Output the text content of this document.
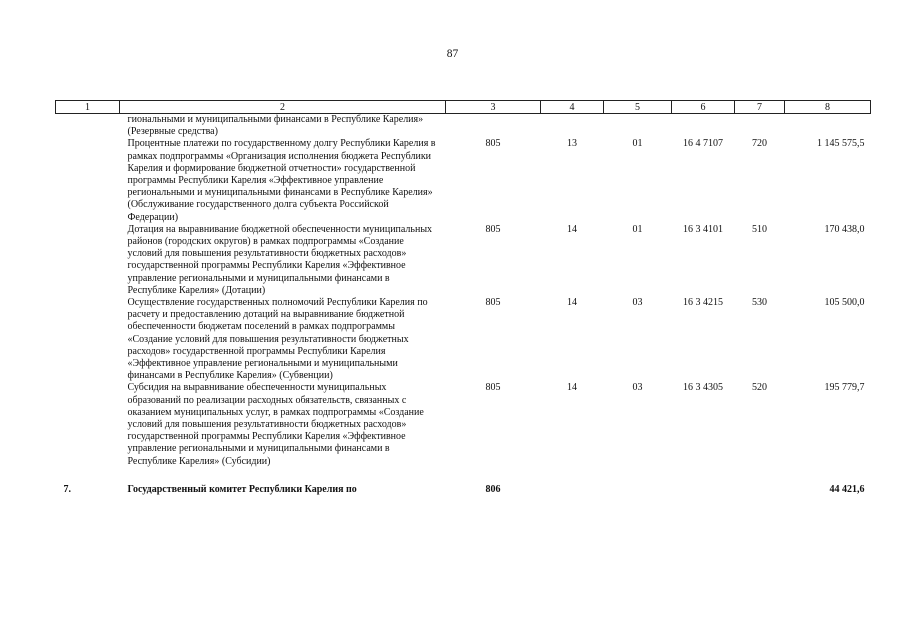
87
1	2	3	4	5	6	7	8
	гиональными и муниципальными финансами в Республике Карелия» (Резервные средства)						
	Процентные платежи по государственному долгу Республики Карелия в рамках подпрограммы «Организация исполнения бюджета Республики Карелия и формирование бюджетной отчетности» государственной программы Республики Карелия «Эффективное управление региональными и муниципальными финансами в Республике Карелия» (Обслуживание государственного долга субъекта Российской Федерации)	805	13	01	16 4 7107	720	1 145 575,5
	Дотация на выравнивание бюджетной обеспеченности муниципальных районов (городских округов) в рамках подпрограммы «Создание условий для повышения результативности бюджетных расходов» государственной программы Республики Карелия «Эффективное управление региональными и муниципальными финансами в Республике Карелия» (Дотации)	805	14	01	16 3 4101	510	170 438,0
	Осуществление государственных полномочий Республики Карелия по расчету и предоставлению дотаций на выравнивание бюджетной обеспеченности бюджетам поселений в рамках подпрограммы «Создание условий для повышения результативности бюджетных расходов» государственной программы Республики Карелия «Эффективное управление региональными и муниципальными финансами в Республике Карелия» (Субвенции)	805	14	03	16 3 4215	530	105 500,0
	Субсидия на выравнивание обеспеченности муниципальных образований по реализации расходных обязательств, связанных с оказанием муниципальных услуг, в рамках подпрограммы «Создание условий для повышения результативности бюджетных расходов» государственной программы Республики Карелия «Эффективное управление региональными и муниципальными финансами в Республике Карелия» (Субсидии)	805	14	03	16 3 4305	520	195 779,7
7.	Государственный комитет Республики Карелия по	806					44 421,6
